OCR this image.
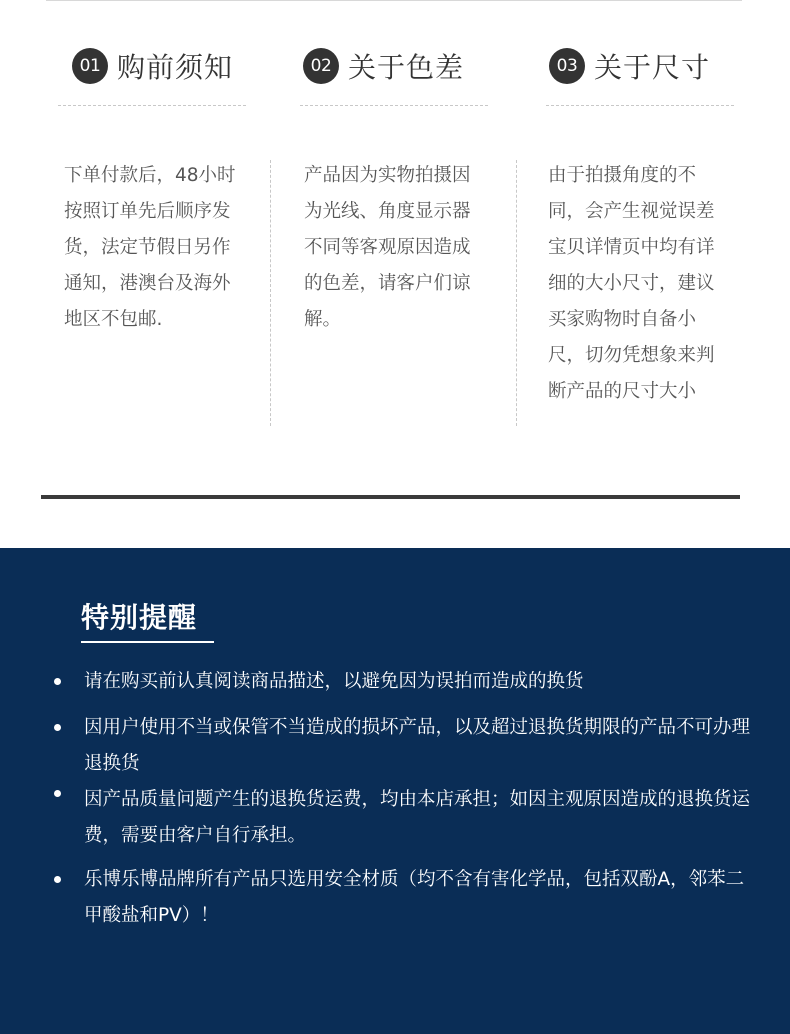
01 购前须知
下单付款后，48小时按照订单先后顺序发货，法定节假日另作通知，港澳台及海外地区不包邮.
02 关于色差
产品因为实物拍摄因为光线、角度显示器不同等客观原因造成的色差，请客户们谅解。
03 关于尺寸
由于拍摄角度的不同，会产生视觉误差宝贝详情页中均有详细的大小尺寸，建议买家购物时自备小尺，切勿凭想象来判断产品的尺寸大小
特别提醒
请在购买前认真阅读商品描述，以避免因为误拍而造成的换货
因用户使用不当或保管不当造成的损坏产品，以及超过退换货期限的产品不可办理退换货
因产品质量问题产生的退换货运费，均由本店承担；如因主观原因造成的退换货运费，需要由客户自行承担。
乐博乐博品牌所有产品只选用安全材质（均不含有害化学品，包括双酚A，邻苯二甲酸盐和PV）！
